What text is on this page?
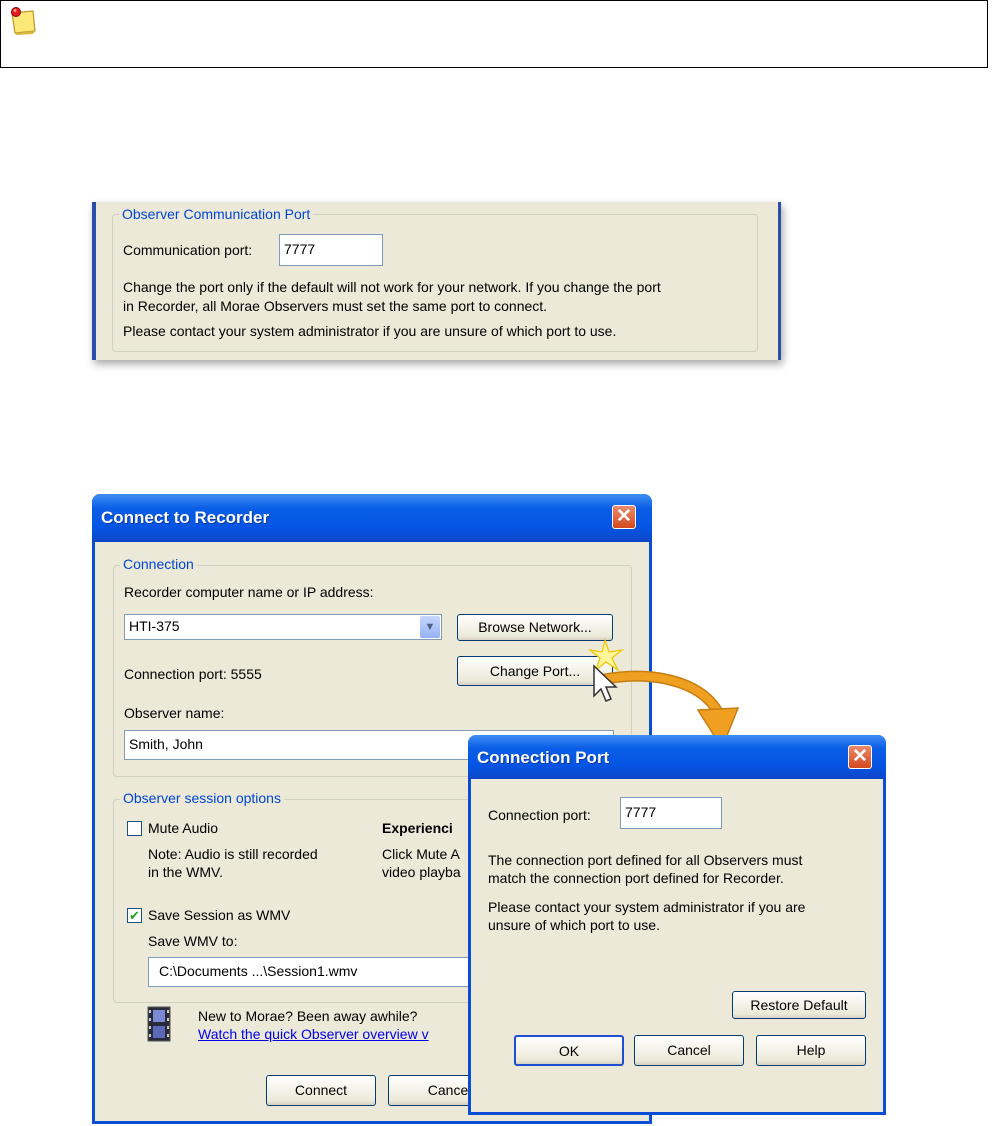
Observer Communication Port
Communication port:	7777
Change the port only if the default will not work for your network. If you change the port
in Recorder, all Morae Observers must set the same port to connect.
Please contact your system administrator if you are unsure of which port to use.
Connect to Recorder	✕
Connection
Recorder computer name or IP address:
HTI-375	▼	Browse Network...
Connection port: 5555	Change Port...
Observer name:
Smith, John
Observer session options
Mute Audio
Note: Audio is still recorded
in the WMV.
Experienci
Click Mute A
video playba
✔ Save Session as WMV
Save WMV to:
C:\Documents ...\Session1.wmv
New to Morae? Been away awhile?
Watch the quick Observer overview v
Connect	Cance
Connection Port	✕
Connection port:	7777
The connection port defined for all Observers must
match the connection port defined for Recorder.
Please contact your system administrator if you are
unsure of which port to use.
Restore Default
OK	Cancel	Help
